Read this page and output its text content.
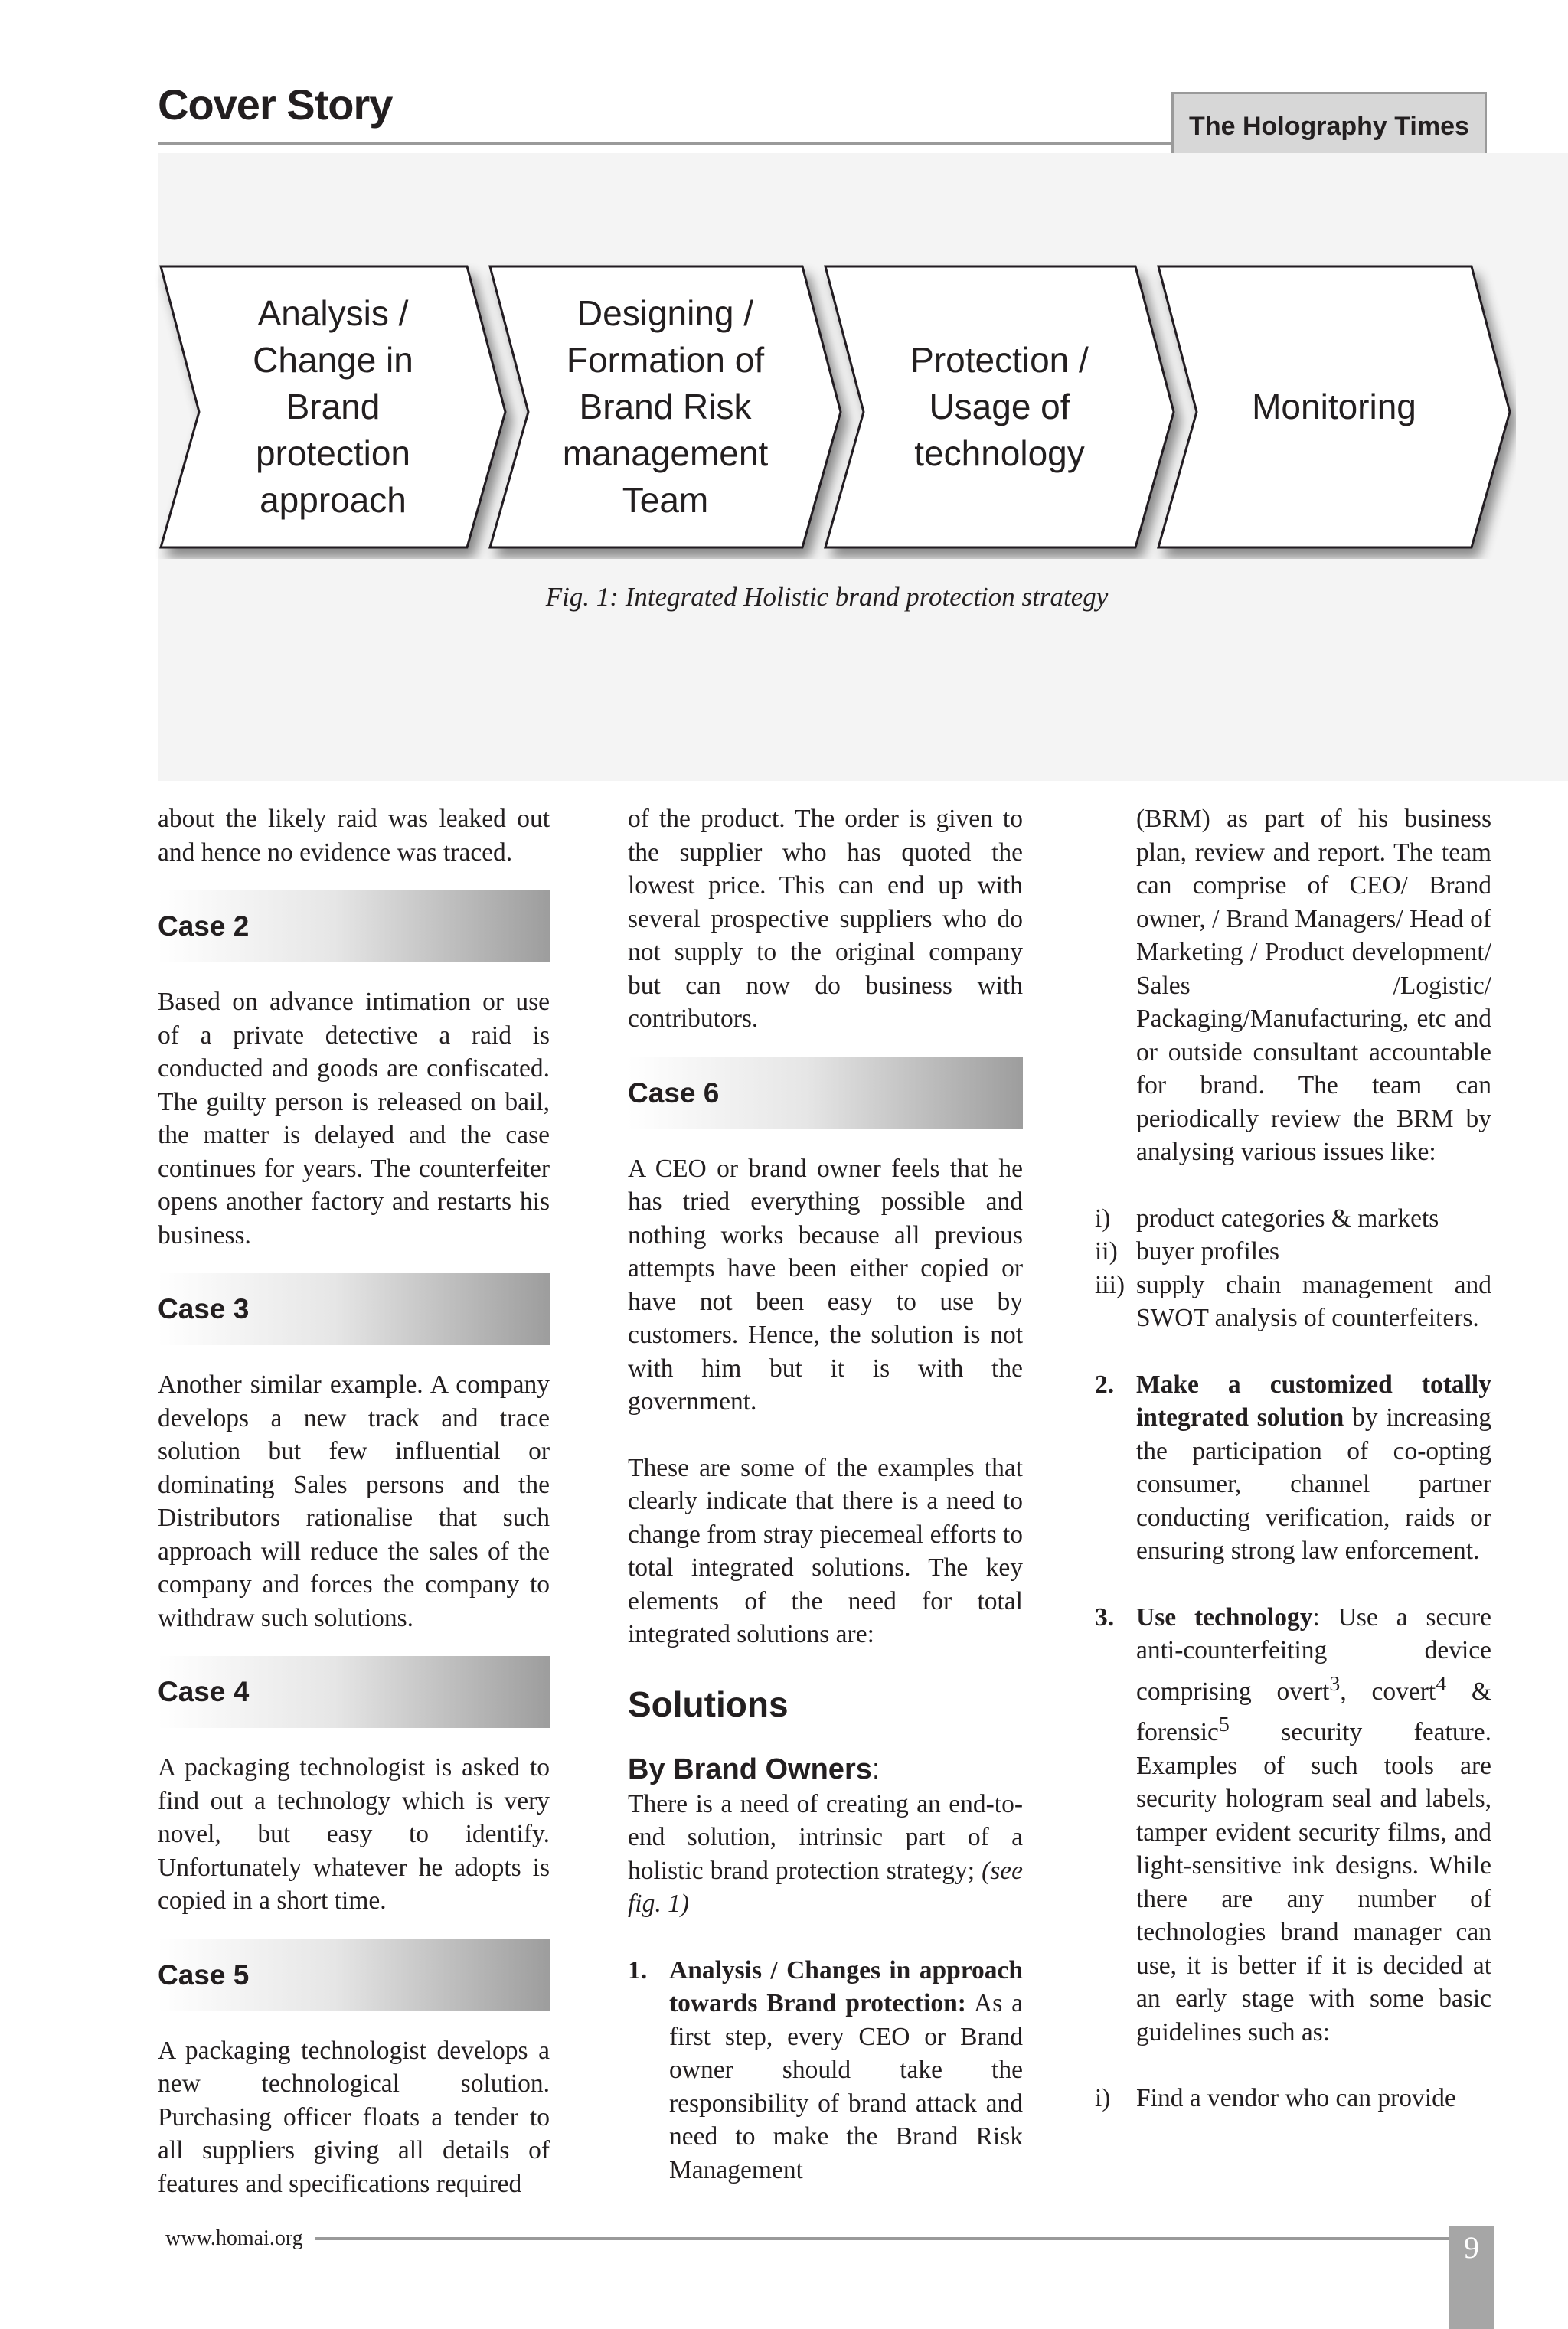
Cover Story	The Holography Times
Analysis /
Change in
Brand
protection
approach
Designing /
Formation of
Brand Risk
management
Team
Protection /
Usage of
technology
Monitoring
Fig. 1: Integrated Holistic brand protection strategy

about the likely raid was leaked out and hence no evidence was traced.

Case 2

Based on advance intimation or use of a private detective a raid is conducted and goods are confiscated. The guilty person is released on bail, the matter is delayed and the case continues for years. The counterfeiter opens another factory and restarts his business.

Case 3

Another similar example. A company develops a new track and trace solution but few influential or dominating Sales persons and the Distributors rationalise that such approach will reduce the sales of the company and forces the company to withdraw such solutions.

Case 4

A packaging technologist is asked to find out a technology which is very novel, but easy to identify. Unfortunately whatever he adopts is copied in a short time.

Case 5

A packaging technologist develops a new technological solution. Purchasing officer floats a tender to all suppliers giving all details of features and specifications required

of the product. The order is given to the supplier who has quoted the lowest price. This can end up with several prospective suppliers who do not supply to the original company but can now do business with contributors.

Case 6

A CEO or brand owner feels that he has tried everything possible and nothing works because all previous attempts have been either copied or have not been easy to use by customers. Hence, the solution is not with him but it is with the government.

These are some of the examples that clearly indicate that there is a need to change from stray piecemeal efforts to total integrated solutions. The key elements of the need for total integrated solutions are:

Solutions
By Brand Owners:

There is a need of creating an end-to-end solution, intrinsic part of a holistic brand protection strategy; (see fig. 1)

1. Analysis / Changes in approach towards Brand protection: As a first step, every CEO or Brand owner should take the responsibility of brand attack and need to make the Brand Risk Management

(BRM) as part of his business plan, review and report. The team can comprise of CEO/ Brand owner, / Brand Managers/ Head of Marketing / Product development/ Sales /Logistic/ Packaging/Manufacturing, etc and or outside consultant accountable for brand. The team can periodically review the BRM by analysing various issues like:

i)	product categories & markets
ii) buyer profiles
iii) supply chain management and SWOT analysis of counterfeiters.
2. Make a customized totally integrated solution by increasing the participation of co-opting consumer, channel partner conducting verification, raids or ensuring strong law enforcement.
3. Use technology: Use a secure anti-counterfeiting device comprising overt$^3$, covert$^4$ & forensic$^5$ security feature. Examples of such tools are security hologram seal and labels, tamper evident security films, and light-sensitive ink designs. While there are any number of technologies brand manager can use, it is better if it is decided at an early stage with some basic guidelines such as:
i)	Find a vendor who can provide
www.homai.org	9
